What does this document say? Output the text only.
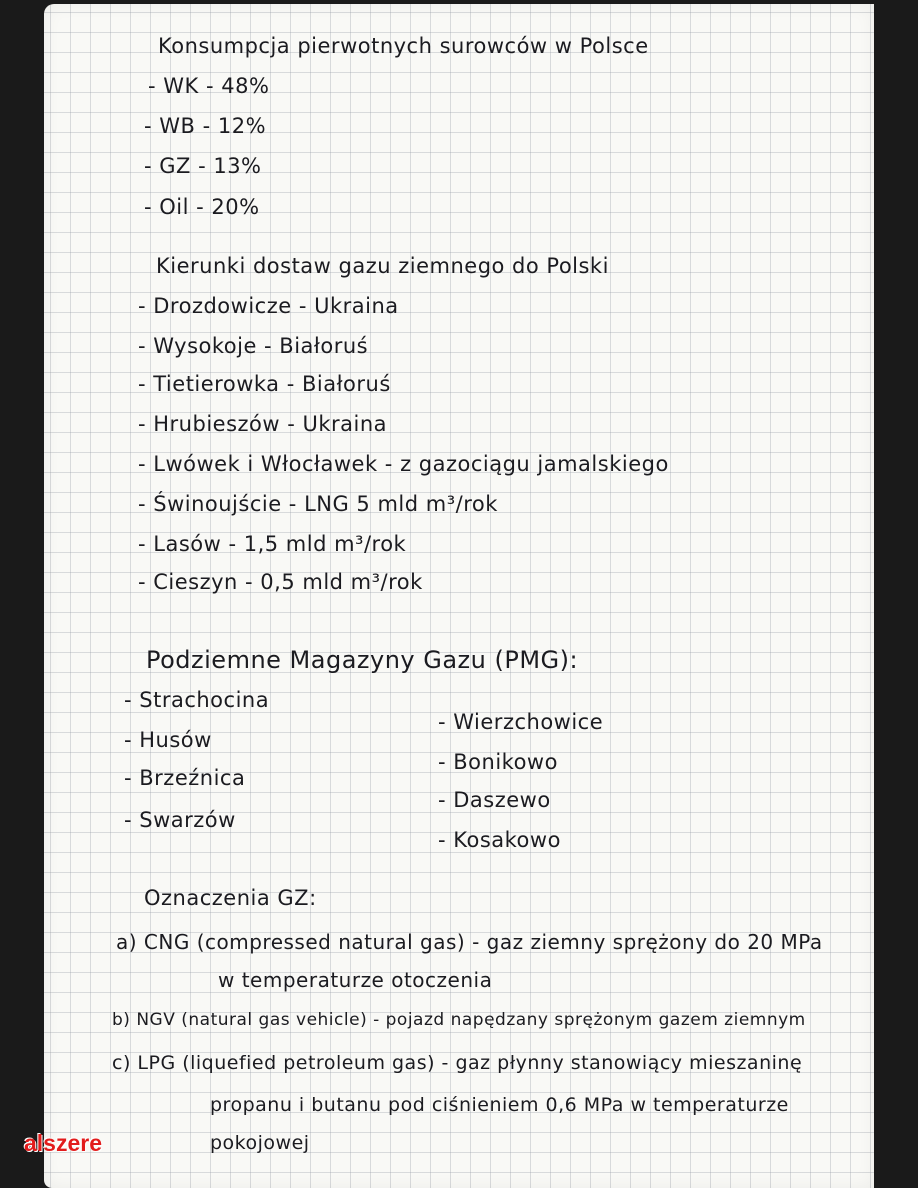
Konsumpcja pierwotnych surowców w Polsce
- WK - 48%
- WB - 12%
- GZ - 13%
- Oil - 20%
Kierunki dostaw gazu ziemnego do Polski
- Drozdowicze - Ukraina
- Wysokoje - Białoruś
- Tietierowka - Białoruś
- Hrubieszów - Ukraina
- Lwówek i Włocławek - z gazociągu jamalskiego
- Świnoujście - LNG 5 mld m³/rok
- Lasów - 1,5 mld m³/rok
- Cieszyn - 0,5 mld m³/rok
Podziemne Magazyny Gazu (PMG):
- Strachocina
- Husów
- Brzeźnica
- Swarzów
- Wierzchowice
- Bonikowo
- Daszewo
- Kosakowo
Oznaczenia GZ:
a) CNG (compressed natural gas) - gaz ziemny sprężony do 20 MPa
w temperaturze otoczenia
b) NGV (natural gas vehicle) - pojazd napędzany sprężonym gazem ziemnym
c) LPG (liquefied petroleum gas) - gaz płynny stanowiący mieszaninę
propanu i butanu pod ciśnieniem 0,6 MPa w temperaturze
pokojowej
alszere
